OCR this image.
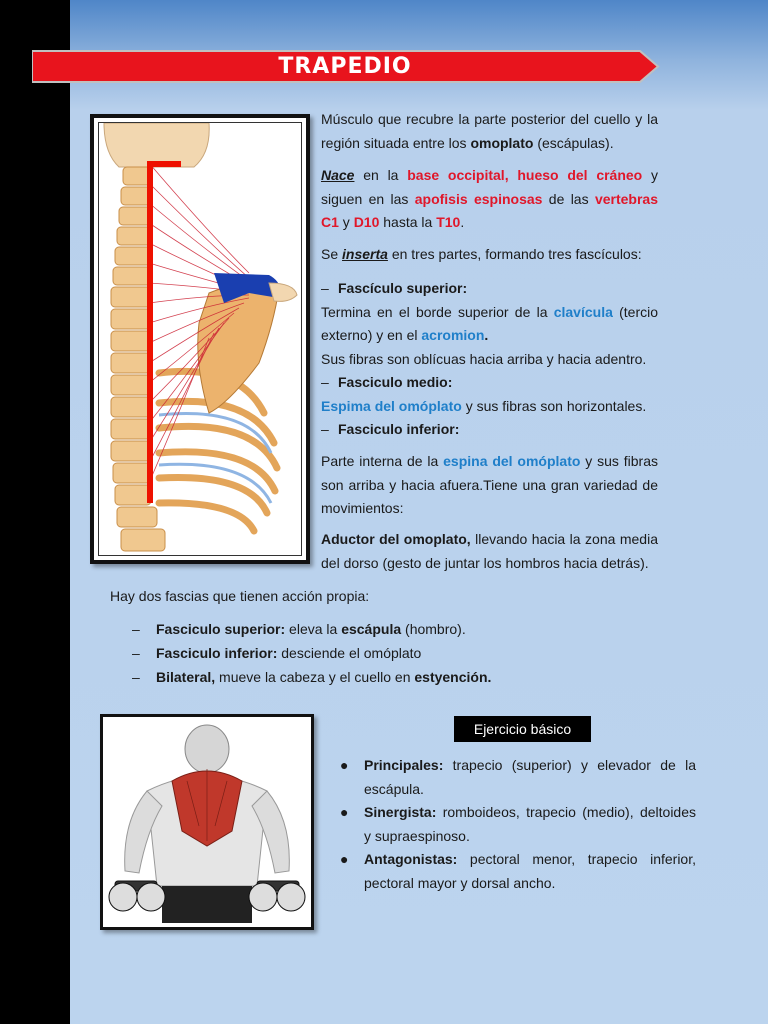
TRAPEDIO
Músculo que recubre la parte posterior del cuello y la región situada entre los omoplato (escápulas).
Nace en la base occipital, hueso del cráneo y siguen en las apofisis espinosas de las vertebras C1 y D10 hasta la T10.
Se inserta en tres partes, formando tres fascículos:
– Fascículo superior:
Termina en el borde superior de la clavícula (tercio externo) y en el acromion.
Sus fibras son oblícuas hacia arriba y hacia adentro.
– Fasciculo medio:
Espima del omóplato y sus fibras son horizontales.
– Fasciculo inferior:
Parte interna de la espina del omóplato y sus fibras son arriba y hacia afuera.Tiene una gran variedad de movimientos:
Aductor del omoplato, llevando hacia la zona media del dorso (gesto de juntar los hombros hacia detrás).
Hay dos fascias que tienen acción propia:
– Fasciculo superior: eleva la escápula (hombro).
– Fasciculo inferior: desciende el omóplato
– Bilateral, mueve la cabeza y el cuello en estyención.
Ejercicio básico
● Principales: trapecio (superior) y elevador de la escápula.
● Sinergista: romboideos, trapecio (medio), deltoides y supraespinoso.
● Antagonistas: pectoral menor, trapecio inferior, pectoral mayor y dorsal ancho.
